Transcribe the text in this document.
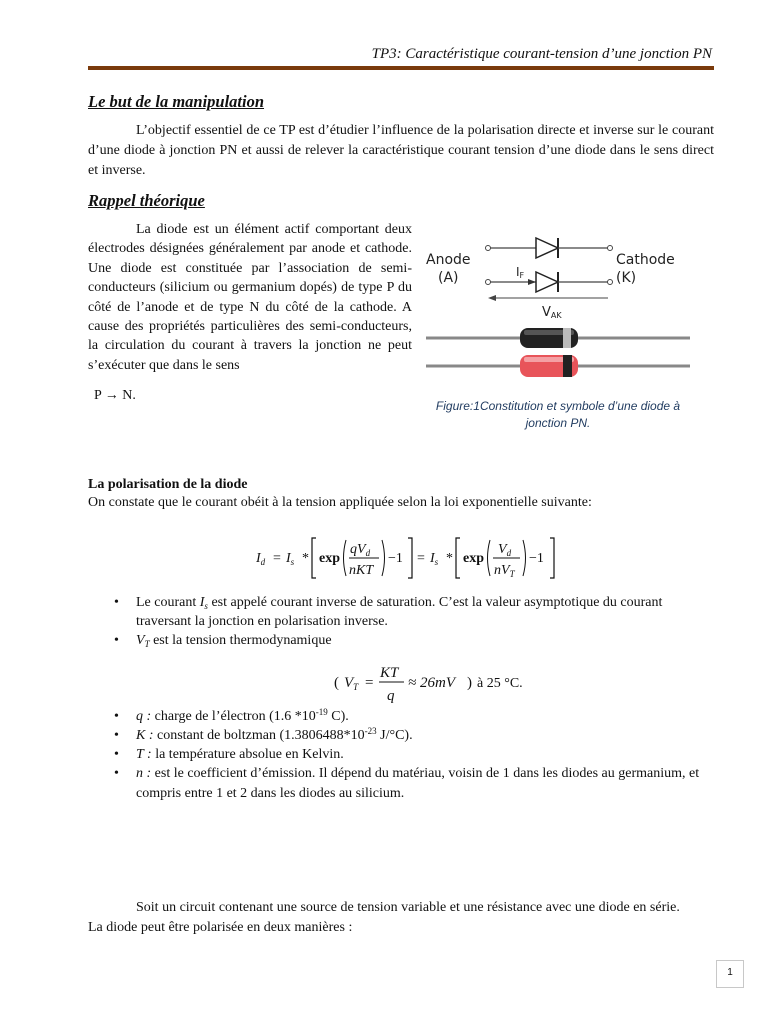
TP3: Caractéristique courant-tension d’une jonction PN
Le but de la manipulation
L’objectif essentiel de ce TP est d’étudier l’influence de la polarisation directe et inverse sur le courant d’une diode à jonction PN et aussi de relever la caractéristique courant tension d’une diode dans le sens direct et inverse.
Rappel théorique
La diode est un élément actif comportant deux électrodes désignées généralement par anode et cathode. Une diode est constituée par l’association de semi-conducteurs (silicium ou germanium dopés) de type P du côté de l’anode et de type N du côté de la cathode. A cause des propriétés particulières des semi-conducteurs, la circulation du courant à travers la jonction ne peut s’exécuter que dans le sens
P → N.
Anode
(A)
Cathode
(K)
IF
VAK
Figure:1Constitution et symbole d’une diode à
jonction PN.
La polarisation de la diode
On constate que le courant obéit à la tension appliquée selon la loi exponentielle suivante:
$I_d = I_s * \exp$
$qV_d$
nKT
$-1 = I_s * \exp$
$V_d$
$nV_T$
−1
• Le courant $I_s$ est appelé courant inverse de saturation. C’est la valeur asymptotique du courant traversant la jonction en polarisation inverse.
• $V_T$ est la tension thermodynamique
( $V_T$ =
KT
q
≈ 26mV ) à 25 °C.
• q : charge de l’électron (1.6 $*10^{-19}$ C).
• K : constant de boltzman ($1.3806488*10^{-23}$ J/°C).
• T : la température absolue en Kelvin.
• n : est le coefficient d’émission. Il dépend du matériau, voisin de 1 dans les diodes au germanium, et compris entre 1 et 2 dans les diodes au silicium.
Soit un circuit contenant une source de tension variable et une résistance avec une diode en série. La diode peut être polarisée en deux manières :
1
